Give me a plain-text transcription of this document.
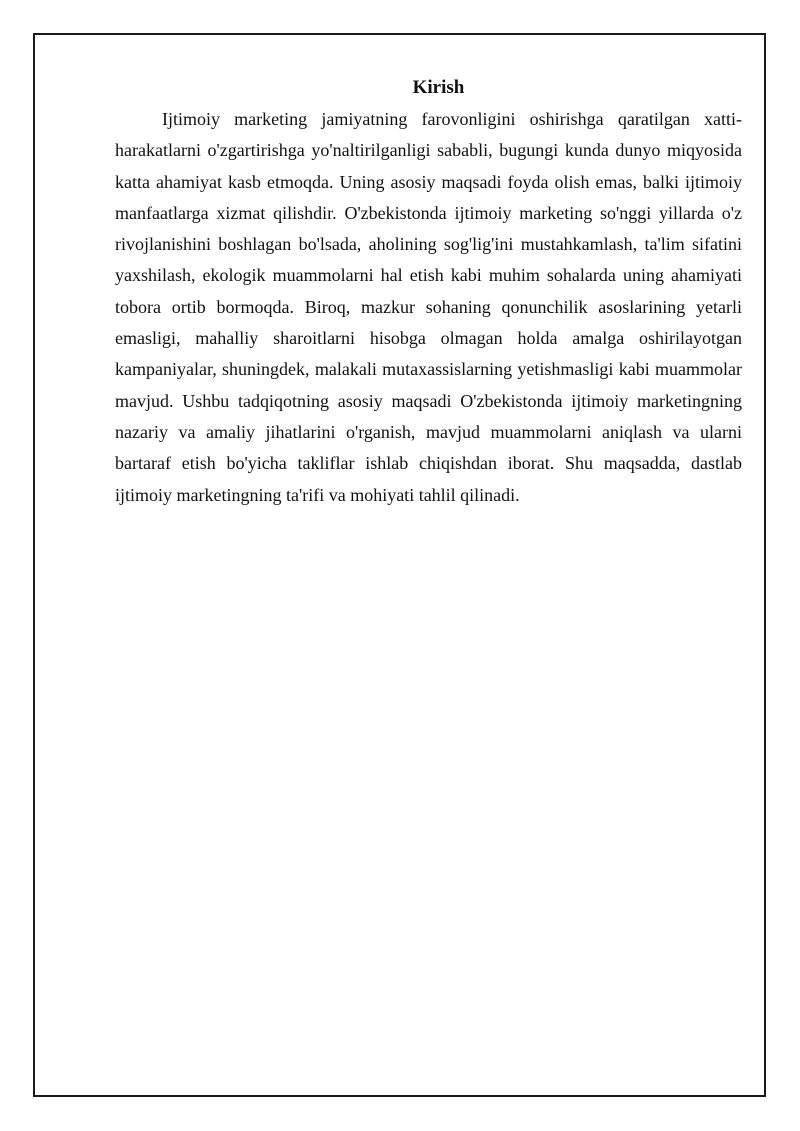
Kirish

Ijtimoiy marketing jamiyatning farovonligini oshirishga qaratilgan xatti-harakatlarni o'zgartirishga yo'naltirilganligi sababli, bugungi kunda dunyo miqyosida katta ahamiyat kasb etmoqda. Uning asosiy maqsadi foyda olish emas, balki ijtimoiy manfaatlarga xizmat qilishdir. O'zbekistonda ijtimoiy marketing so'nggi yillarda o'z rivojlanishini boshlagan bo'lsada, aholining sog'lig'ini mustahkamlash, ta'lim sifatini yaxshilash, ekologik muammolarni hal etish kabi muhim sohalarda uning ahamiyati tobora ortib bormoqda. Biroq, mazkur sohaning qonunchilik asoslarining yetarli emasligi, mahalliy sharoitlarni hisobga olmagan holda amalga oshirilayotgan kampaniyalar, shuningdek, malakali mutaxassislarning yetishmasligi kabi muammolar mavjud. Ushbu tadqiqotning asosiy maqsadi O'zbekistonda ijtimoiy marketingning nazariy va amaliy jihatlarini o'rganish, mavjud muammolarni aniqlash va ularni bartaraf etish bo'yicha takliflar ishlab chiqishdan iborat. Shu maqsadda, dastlab ijtimoiy marketingning ta'rifi va mohiyati tahlil qilinadi.
